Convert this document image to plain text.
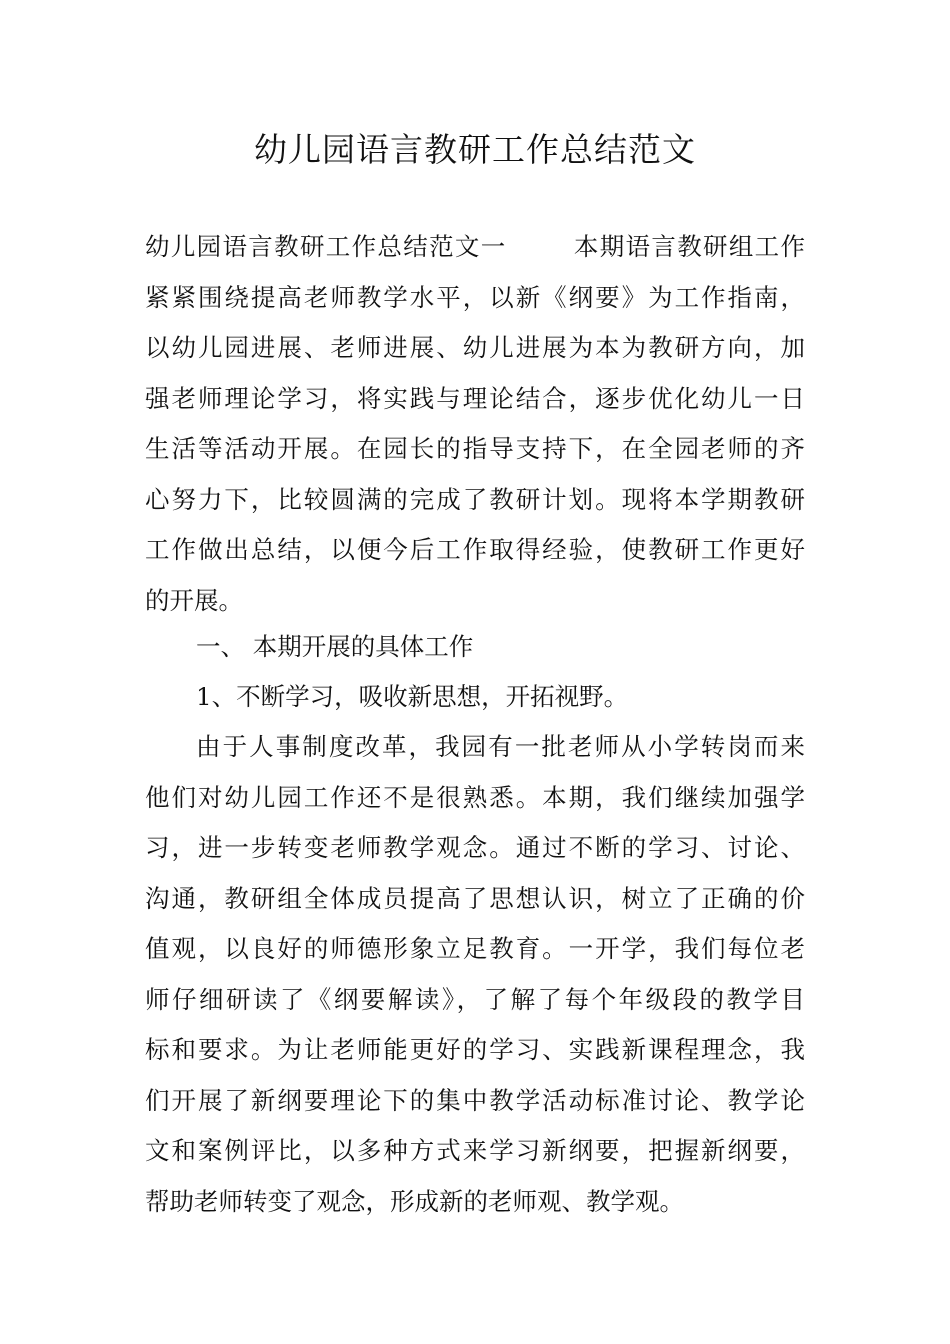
幼儿园语言教研工作总结范文
幼儿园语言教研工作总结范文一	本期语言教研组工作
紧紧围绕提高老师教学水平，以新《纲要》为工作指南，
以幼儿园进展、老师进展、幼儿进展为本为教研方向，加
强老师理论学习，将实践与理论结合，逐步优化幼儿一日
生活等活动开展。在园长的指导支持下，在全园老师的齐
心努力下，比较圆满的完成了教研计划。现将本学期教研
工作做出总结，以便今后工作取得经验，使教研工作更好
的开展。

一、 本期开展的具体工作

1、不断学习，吸收新思想，开拓视野。

由于人事制度改革，我园有一批老师从小学转岗而来
他们对幼儿园工作还不是很熟悉。本期，我们继续加强学
习，进一步转变老师教学观念。通过不断的学习、讨论、
沟通，教研组全体成员提高了思想认识，树立了正确的价
值观，以良好的师德形象立足教育。一开学，我们每位老
师仔细研读了《纲要解读》，了解了每个年级段的教学目
标和要求。为让老师能更好的学习、实践新课程理念，我
们开展了新纲要理论下的集中教学活动标准讨论、教学论
文和案例评比，以多种方式来学习新纲要，把握新纲要，
帮助老师转变了观念，形成新的老师观、教学观。
